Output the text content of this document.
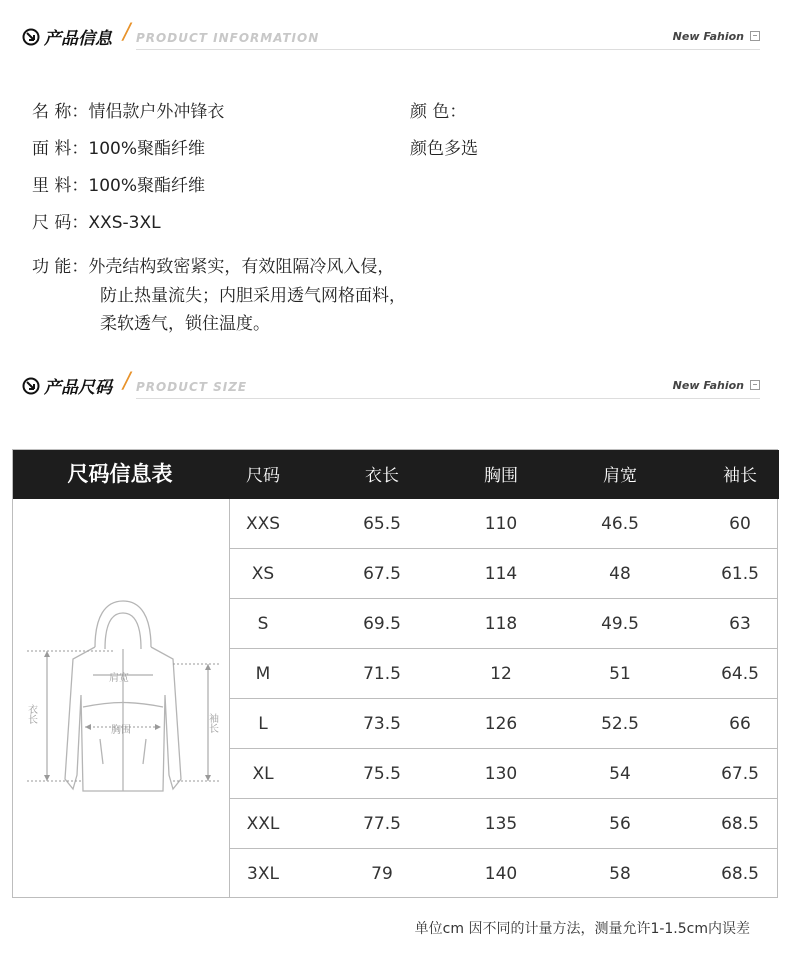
产品信息 / PRODUCT INFORMATION	New Fahion
名 称：情侣款户外冲锋衣	颜 色：
面 料：100%聚酯纤维	颜色多选
里 料：100%聚酯纤维
尺 码：XXS-3XL
功 能：外壳结构致密紧实，有效阻隔冷风入侵，
防止热量流失；内胆采用透气网格面料，
柔软透气，锁住温度。
产品尺码 / PRODUCT SIZE	New Fahion
尺码信息表	尺码	衣长	胸围	肩宽	袖长
衣长
肩宽
胸围	袖长
XXS	65.5	110	46.5	60
XS	67.5	114	48	61.5
S	69.5	118	49.5	63
M	71.5	12	51	64.5
L	73.5	126	52.5	66
XL	75.5	130	54	67.5
XXL	77.5	135	56	68.5
3XL	79	140	58	68.5
单位cm 因不同的计量方法，测量允许1-1.5cm内误差
